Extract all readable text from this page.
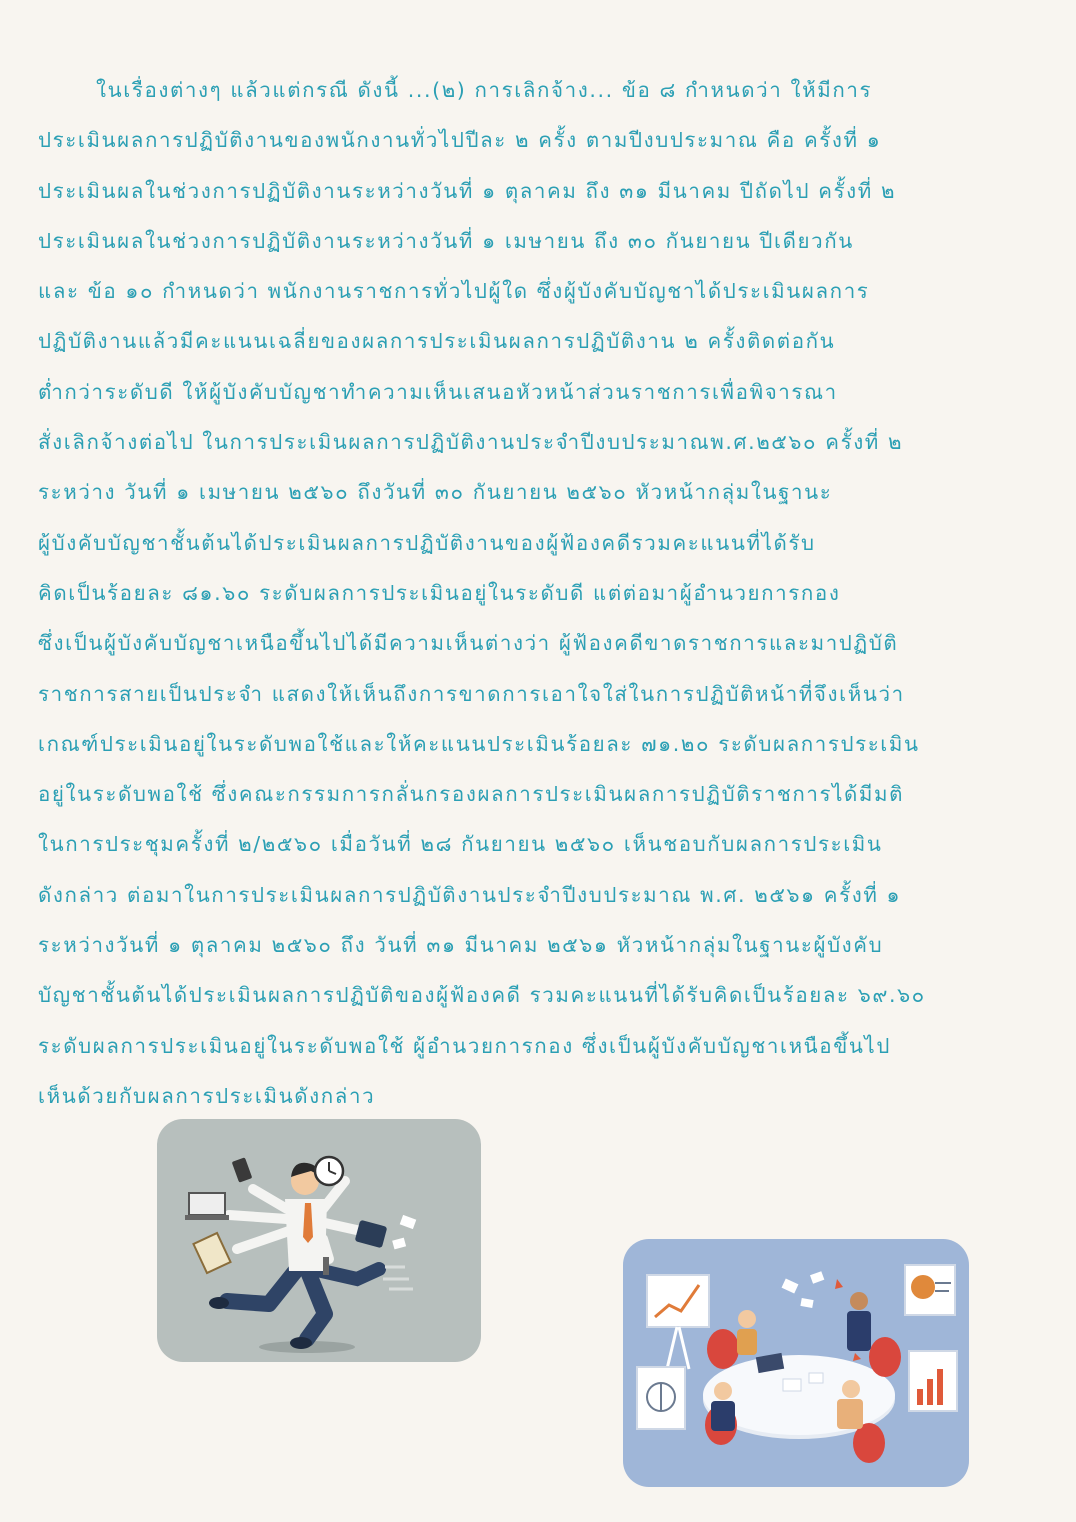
ในเรื่องต่างๆ แล้วแต่กรณี ดังนี้ ...(๒) การเลิกจ้าง... ข้อ ๘ กำหนดว่า ให้มีการ
ประเมินผลการปฏิบัติงานของพนักงานทั่วไปปีละ ๒ ครั้ง ตามปีงบประมาณ คือ ครั้งที่ ๑
ประเมินผลในช่วงการปฏิบัติงานระหว่างวันที่ ๑ ตุลาคม ถึง ๓๑ มีนาคม ปีถัดไป ครั้งที่ ๒
ประเมินผลในช่วงการปฏิบัติงานระหว่างวันที่ ๑ เมษายน ถึง ๓๐ กันยายน ปีเดียวกัน
และ ข้อ ๑๐ กำหนดว่า พนักงานราชการทั่วไปผู้ใด ซึ่งผู้บังคับบัญชาได้ประเมินผลการ
ปฏิบัติงานแล้วมีคะแนนเฉลี่ยของผลการประเมินผลการปฏิบัติงาน ๒ ครั้งติดต่อกัน
ต่ำกว่าระดับดี ให้ผู้บังคับบัญชาทำความเห็นเสนอหัวหน้าส่วนราชการเพื่อพิจารณา
สั่งเลิกจ้างต่อไป ในการประเมินผลการปฏิบัติงานประจำปีงบประมาณพ.ศ.๒๕๖๐ ครั้งที่ ๒
ระหว่าง วันที่ ๑ เมษายน ๒๕๖๐ ถึงวันที่ ๓๐ กันยายน ๒๕๖๐ หัวหน้ากลุ่มในฐานะ
ผู้บังคับบัญชาชั้นต้นได้ประเมินผลการปฏิบัติงานของผู้ฟ้องคดีรวมคะแนนที่ได้รับ
คิดเป็นร้อยละ ๘๑.๖๐ ระดับผลการประเมินอยู่ในระดับดี แต่ต่อมาผู้อำนวยการกอง
ซึ่งเป็นผู้บังคับบัญชาเหนือขึ้นไปได้มีความเห็นต่างว่า ผู้ฟ้องคดีขาดราชการและมาปฏิบัติ
ราชการสายเป็นประจำ แสดงให้เห็นถึงการขาดการเอาใจใส่ในการปฏิบัติหน้าที่จึงเห็นว่า
เกณฑ์ประเมินอยู่ในระดับพอใช้และให้คะแนนประเมินร้อยละ ๗๑.๒๐ ระดับผลการประเมิน
อยู่ในระดับพอใช้ ซึ่งคณะกรรมการกลั่นกรองผลการประเมินผลการปฏิบัติราชการได้มีมติ
ในการประชุมครั้งที่ ๒/๒๕๖๐ เมื่อวันที่ ๒๘ กันยายน ๒๕๖๐ เห็นชอบกับผลการประเมิน
ดังกล่าว ต่อมาในการประเมินผลการปฏิบัติงานประจำปีงบประมาณ พ.ศ. ๒๕๖๑ ครั้งที่ ๑
ระหว่างวันที่ ๑ ตุลาคม ๒๕๖๐ ถึง วันที่ ๓๑ มีนาคม ๒๕๖๑ หัวหน้ากลุ่มในฐานะผู้บังคับ
บัญชาชั้นต้นได้ประเมินผลการปฏิบัติของผู้ฟ้องคดี รวมคะแนนที่ได้รับคิดเป็นร้อยละ ๖๙.๖๐
ระดับผลการประเมินอยู่ในระดับพอใช้ ผู้อำนวยการกอง ซึ่งเป็นผู้บังคับบัญชาเหนือขึ้นไป
เห็นด้วยกับผลการประเมินดังกล่าว
